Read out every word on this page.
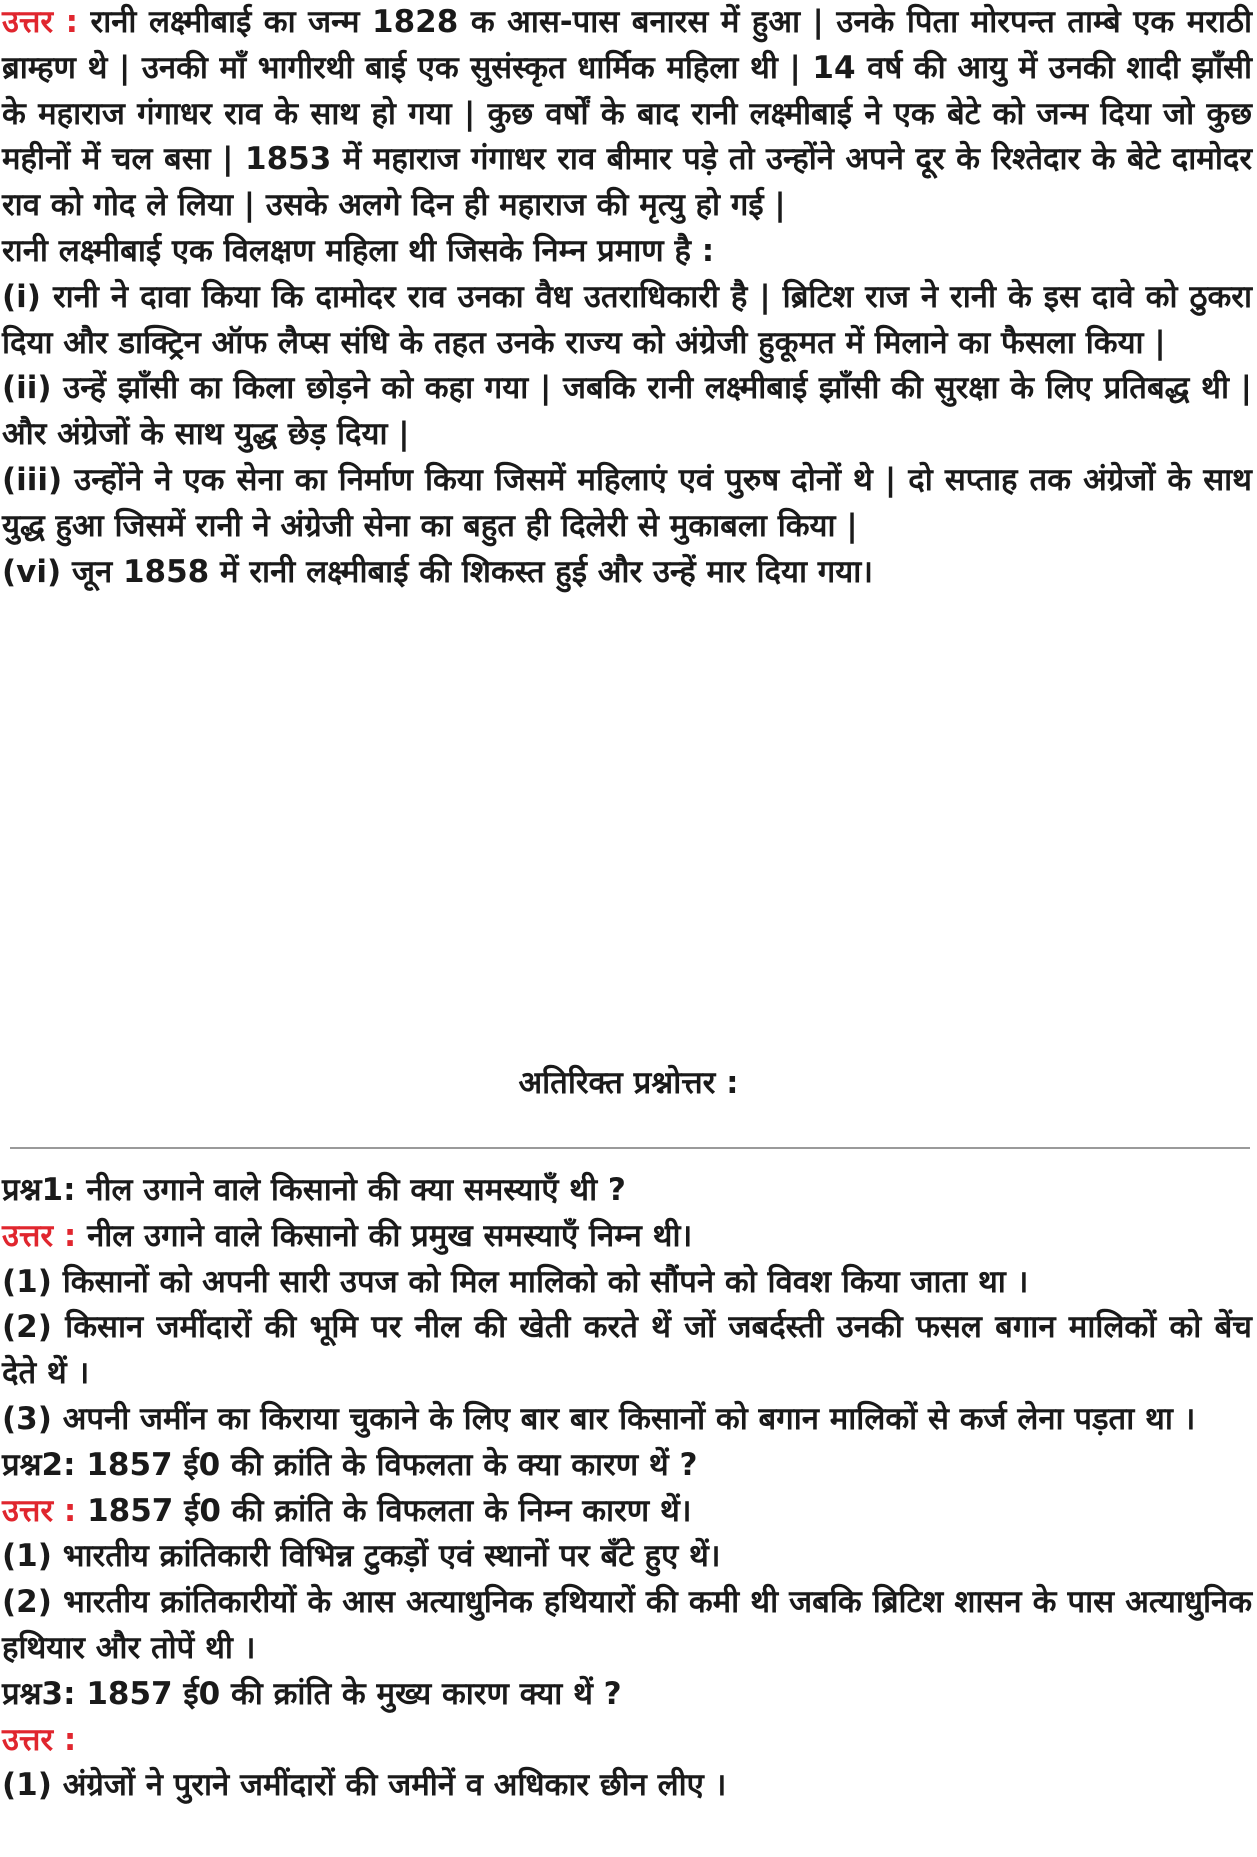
उत्तर : रानी लक्ष्मीबाई का जन्म 1828 क आस-पास बनारस में हुआ | उनके पिता मोरपन्त ताम्बे एक मराठी ब्राम्हण थे | उनकी माँ भागीरथी बाई एक सुसंस्कृत धार्मिक महिला थी | 14 वर्ष की आयु में उनकी शादी झाँसी के महाराज गंगाधर राव के साथ हो गया | कुछ वर्षों के बाद रानी लक्ष्मीबाई ने एक बेटे को जन्म दिया जो कुछ महीनों में चल बसा | 1853 में महाराज गंगाधर राव बीमार पड़े तो उन्होंने अपने दूर के रिश्तेदार के बेटे दामोदर राव को गोद ले लिया | उसके अलगे दिन ही महाराज की मृत्यु हो गई |

रानी लक्ष्मीबाई एक विलक्षण महिला थी जिसके निम्न प्रमाण है :

(i) रानी ने दावा किया कि दामोदर राव उनका वैध उतराधिकारी है | ब्रिटिश राज ने रानी के इस दावे को ठुकरा दिया और डाक्ट्रिन ऑफ लैप्स संधि के तहत उनके राज्य को अंग्रेजी हुकूमत में मिलाने का फैसला किया |

(ii) उन्हें झाँसी का किला छोड़ने को कहा गया | जबकि रानी लक्ष्मीबाई झाँसी की सुरक्षा के लिए प्रतिबद्ध थी | और अंग्रेजों के साथ युद्ध छेड़ दिया |

(iii) उन्होंने ने एक सेना का निर्माण किया जिसमें महिलाएं एवं पुरुष दोनों थे | दो सप्ताह तक अंग्रेजों के साथ युद्ध हुआ जिसमें रानी ने अंग्रेजी सेना का बहुत ही दिलेरी से मुकाबला किया |

(vi) जून 1858 में रानी लक्ष्मीबाई की शिकस्त हुई और उन्हें मार दिया गया।

अतिरिक्त प्रश्नोत्तर :

प्रश्न1: नील उगाने वाले किसानो की क्या समस्याएँ थी ?

उत्तर : नील उगाने वाले किसानो की प्रमुख समस्याएँ निम्न थी।

(1) किसानों को अपनी सारी उपज को मिल मालिको को सौंपने को विवश किया जाता था ।

(2) किसान जमींदारों की भूमि पर नील की खेती करते थें जों जबर्दस्ती उनकी फसल बगान मालिकों को बेंच देते थें ।

(3) अपनी जमींन का किराया चुकाने के लिए बार बार किसानों को बगान मालिकों से कर्ज लेना पड़ता था ।

प्रश्न2: 1857 ई0 की क्रांति के विफलता के क्या कारण थें ?

उत्तर : 1857 ई0 की क्रांति के विफलता के निम्न कारण थें।

(1) भारतीय क्रांतिकारी विभिन्न टुकड़ों एवं स्थानों पर बँटे हुए थें।

(2) भारतीय क्रांतिकारीयों के आस अत्याधुनिक हथियारों की कमी थी जबकि ब्रिटिश शासन के पास अत्याधुनिक हथियार और तोपें थी ।

प्रश्न3: 1857 ई0 की क्रांति के मुख्य कारण क्या थें ?

उत्तर :

(1) अंग्रेजों ने पुराने जमींदारों की जमीनें व अधिकार छीन लीए ।
